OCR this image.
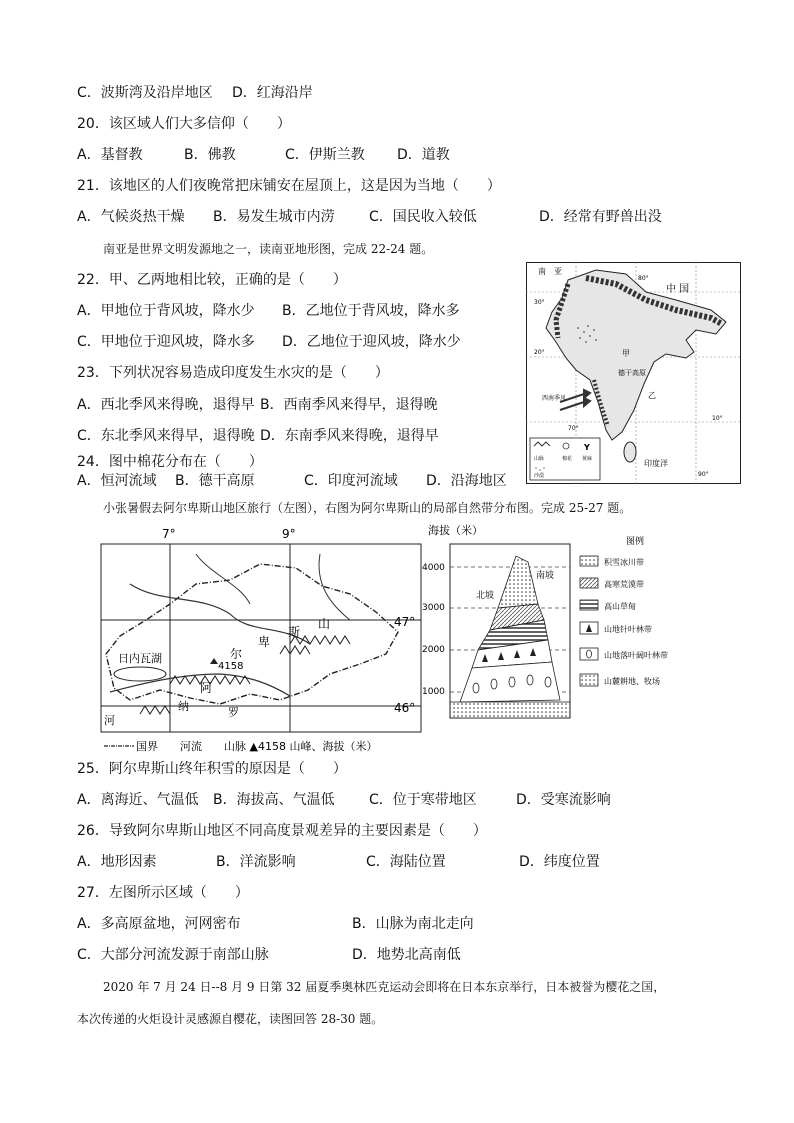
C．波斯湾及沿岸地区 D．红海沿岸
20．该区域人们大多信仰（　　）
A．基督教	B．佛教	C．伊斯兰教 D．道教
21．该地区的人们夜晚常把床铺安在屋顶上，这是因为当地（　　）
A．气候炎热干燥 B．易发生城市内涝 C．国民收入较低	D．经常有野兽出没
南亚是世界文明发源地之一，读南亚地形图，完成 22-24 题。
22．甲、乙两地相比较，正确的是（　　）
A．甲地位于背风坡，降水少 B．乙地位于背风坡，降水多
C．甲地位于迎风坡，降水多 D．乙地位于迎风坡，降水少
23．下列状况容易造成印度发生水灾的是（　　）
A．西北季风来得晚，退得早 B．西南季风来得早，退得晚
C．东北季风来得早，退得晚 D．东南季风来得晚，退得早
24．图中棉花分布在（　　）
A．恒河流域 B．德干高原	C．印度河流域 D．沿海地区
南　亚
中 国
德干高原
西南季风
甲
乙
印度洋
30°
20°
10°
70°
80°
90°
山脉	棉花
Y
黄麻
沙漠
小张暑假去阿尔卑斯山地区旅行（左图），右图为阿尔卑斯山的局部自然带分布图。完成 25-27 题。
7°	9°
47°
46°
日内瓦湖
4158
阿
尔
卑
斯
山
纳	罗
河
国界　　河流　　山脉 ▲4158 山峰、海拔（米）
海拔（米）
4000
3000
2000
1000
北坡
南坡
图例
积雪冰川带
高寒荒漠带
高山草甸
山地针叶林带
山地落叶阔叶林带
山麓耕地、牧场
25．阿尔卑斯山终年积雪的原因是（　　）
A．离海近、气温低 B．海拔高、气温低 C．位于寒带地区	D．受寒流影响
26．导致阿尔卑斯山地区不同高度景观差异的主要因素是（　　）
A．地形因素	B．洋流影响	C．海陆位置	D．纬度位置
27．左图所示区域（　　）
A．多高原盆地，河网密布	B．山脉为南北走向
C．大部分河流发源于南部山脉	D．地势北高南低
2020 年 7 月 24 日--8 月 9 日第 32 届夏季奥林匹克运动会即将在日本东京举行，日本被誉为樱花之国，
本次传递的火炬设计灵感源自樱花，读图回答 28-30 题。
